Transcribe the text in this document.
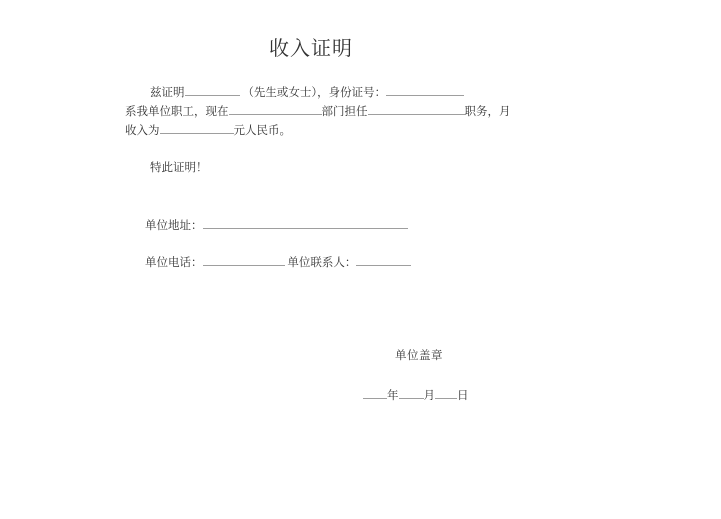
收入证明
兹证明	（先生或女士），身份证号：
系我单位职工，现在	部门担任	职务，月
收入为	元人民币。
特此证明！
单位地址：
单位电话：	单位联系人：
单位盖章
年 月 日
